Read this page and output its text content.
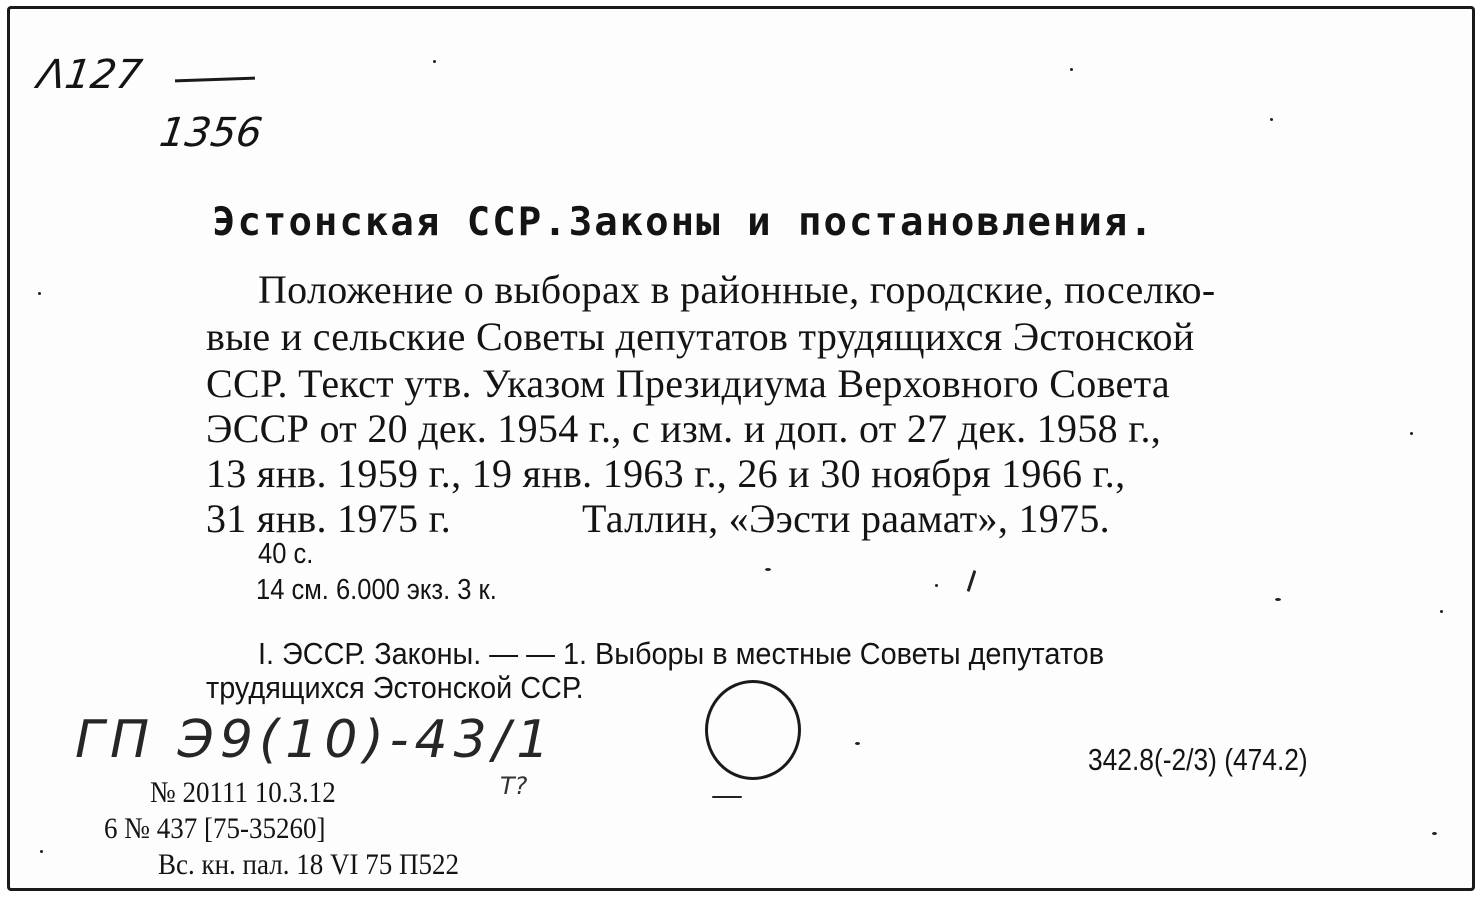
Λ127
1356
Эстонская ССР.Законы и постановления.
Положение о выборах в районные, городские, поселко-
вые и сельские Советы депутатов трудящихся Эстонской
ССР. Текст утв. Указом Президиума Верховного Совета
ЭССР от 20 дек. 1954 г., с изм. и доп. от 27 дек. 1958 г.,
13 янв. 1959 г., 19 янв. 1963 г., 26 и 30 ноября 1966 г.,
31 янв. 1975 г.	Таллин, «Ээсти раамат», 1975.
40 с.
14 см. 6.000 экз. 3 к.
I. ЭССР. Законы. — — 1. Выборы в местные Советы депутатов
трудящихся Эстонской ССР.
ГП Э9(10)-43/1
Т?
342.8(-2/3) (474.2)
№ 20111 10.3.12
6 № 437 [75-35260]
Вс. кн. пал. 18 VI 75 П522
